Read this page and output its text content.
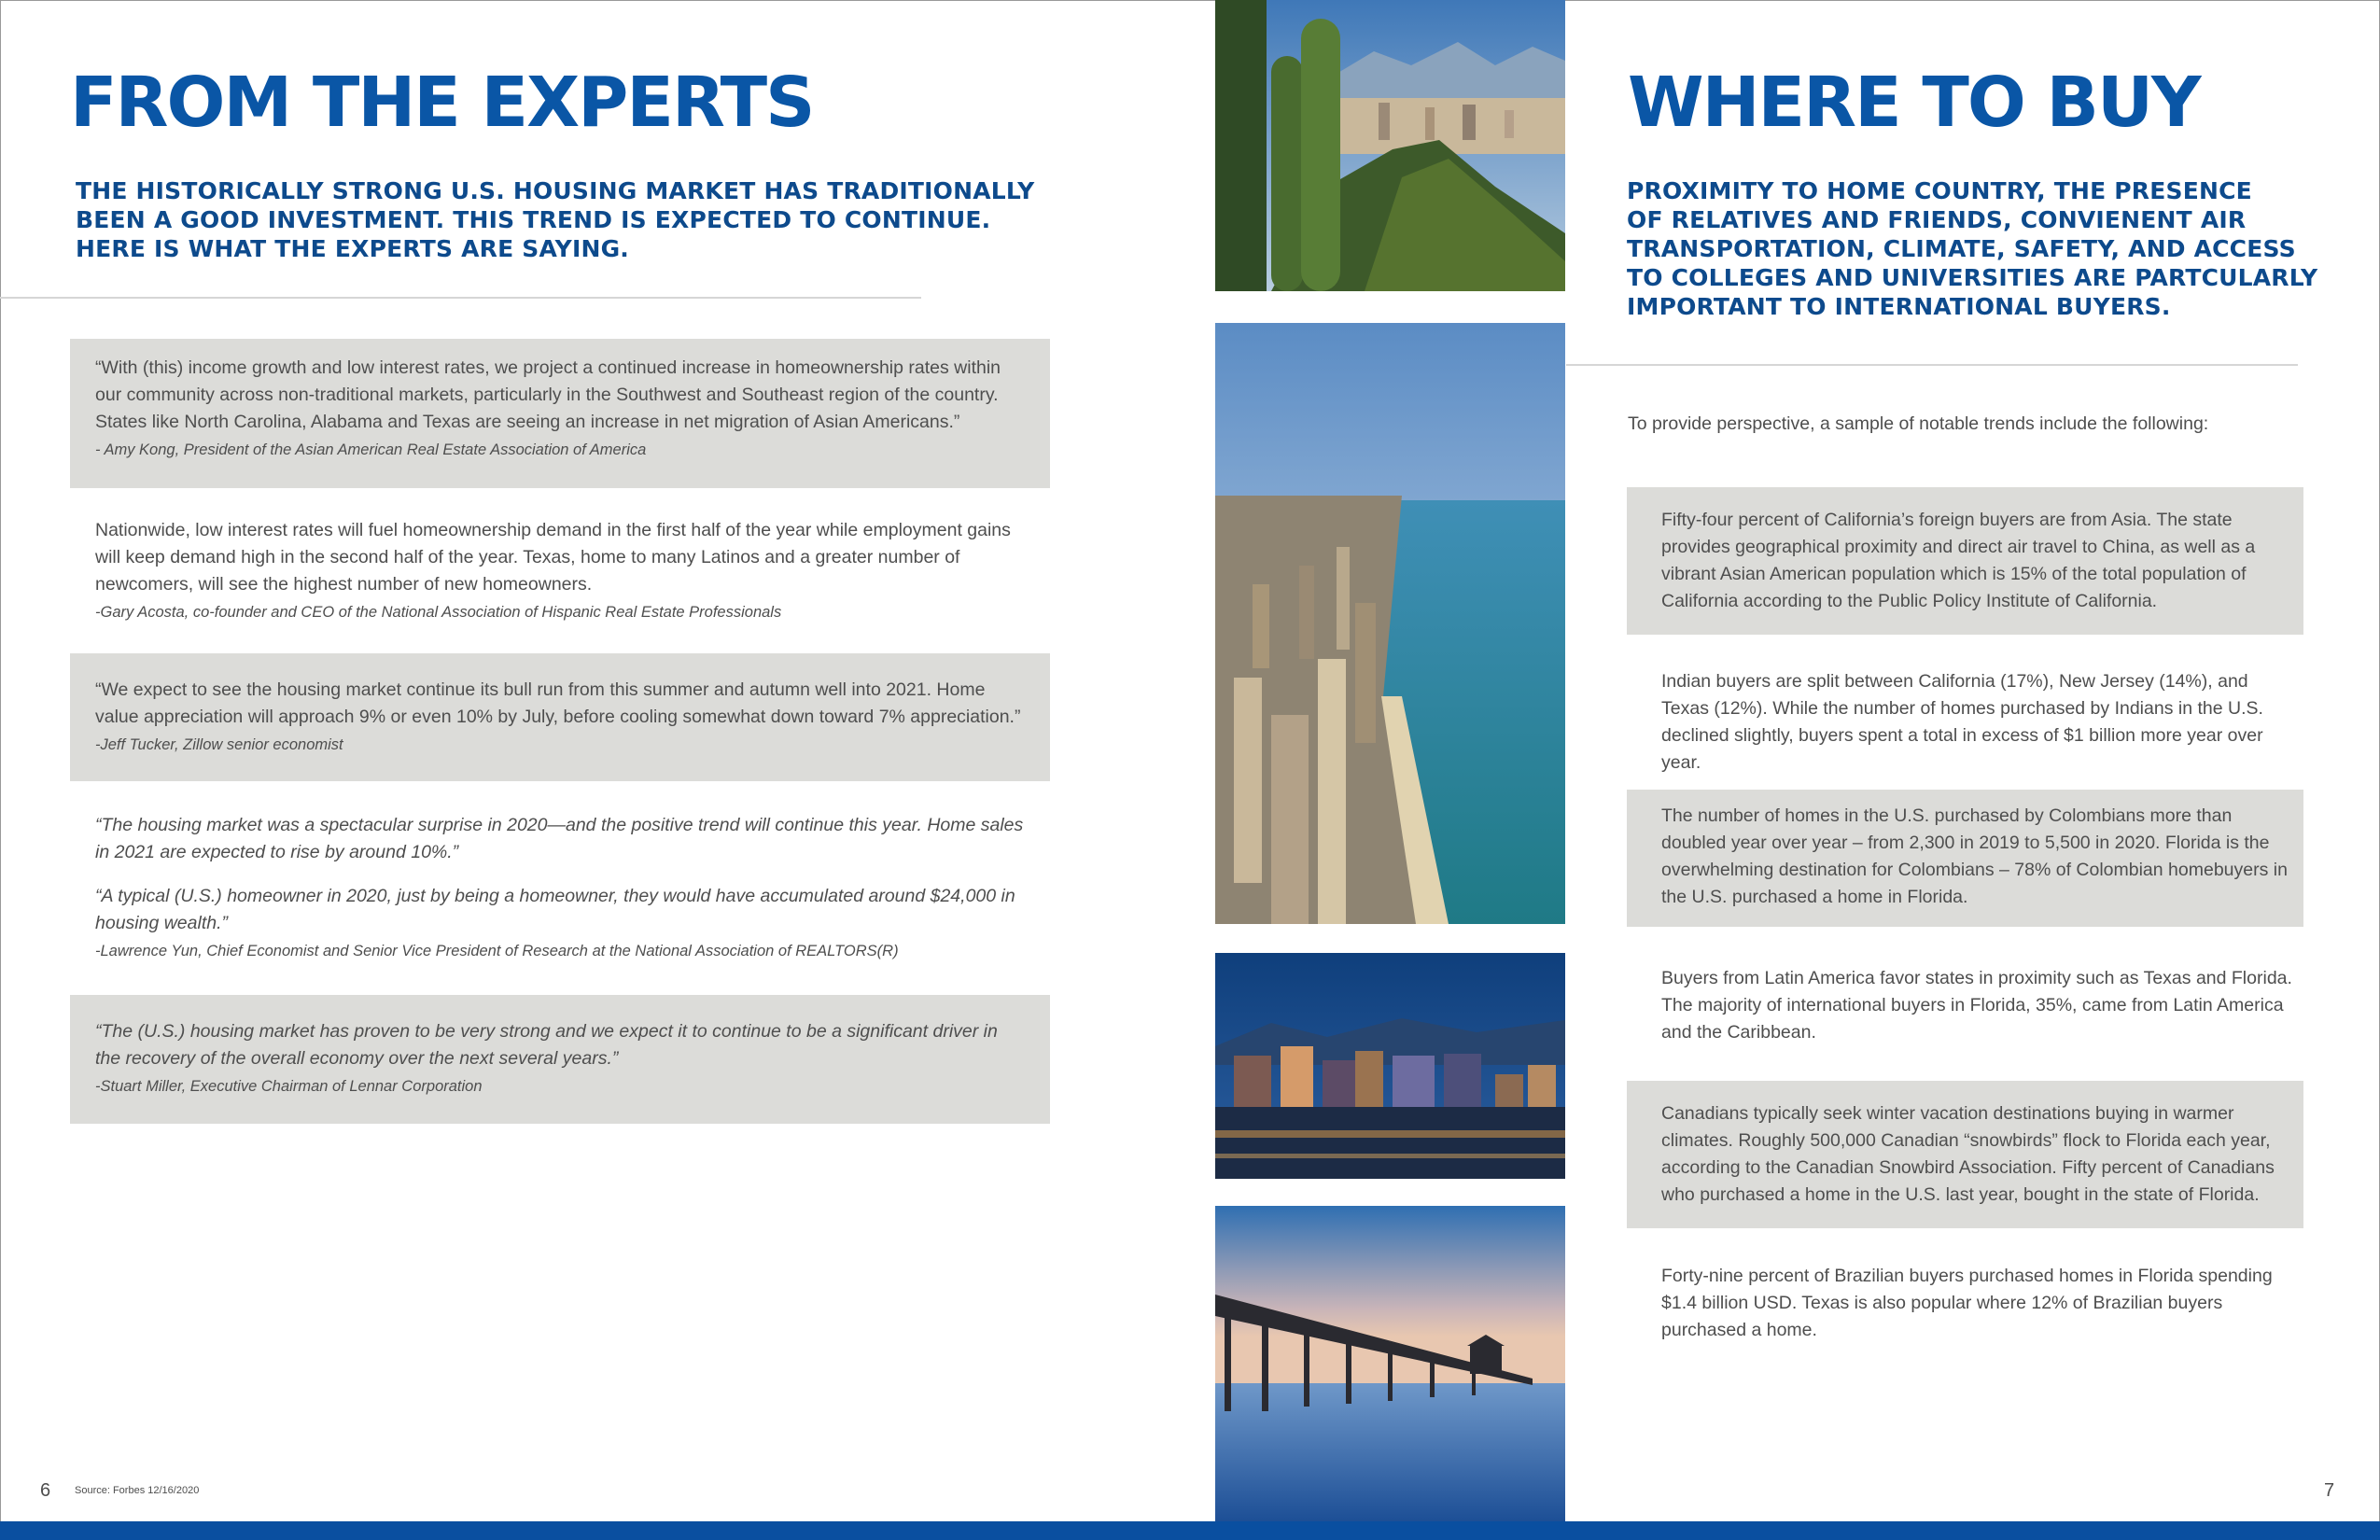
FROM THE EXPERTS
THE HISTORICALLY STRONG U.S. HOUSING MARKET HAS TRADITIONALLY
BEEN A GOOD INVESTMENT. THIS TREND IS EXPECTED TO CONTINUE.
HERE IS WHAT THE EXPERTS ARE SAYING.

“With (this) income growth and low interest rates, we project a continued increase in homeownership rates within our community across non-traditional markets, particularly in the Southwest and Southeast region of the country. States like North Carolina, Alabama and Texas are seeing an increase in net migration of Asian Americans.”

- Amy Kong, President of the Asian American Real Estate Association of America

Nationwide, low interest rates will fuel homeownership demand in the first half of the year while employment gains will keep demand high in the second half of the year. Texas, home to many Latinos and a greater number of newcomers, will see the highest number of new homeowners.

-Gary Acosta, co-founder and CEO of the National Association of Hispanic Real Estate Professionals

“We expect to see the housing market continue its bull run from this summer and autumn well into 2021. Home value appreciation will approach 9% or even 10% by July, before cooling somewhat down toward 7% appreciation.”

-Jeff Tucker, Zillow senior economist

“The housing market was a spectacular surprise in 2020—and the positive trend will continue this year. Home sales in 2021 are expected to rise by around 10%.”

“A typical (U.S.) homeowner in 2020, just by being a homeowner, they would have accumulated around $24,000 in housing wealth.”

-Lawrence Yun, Chief Economist and Senior Vice President of Research at the National Association of REALTORS(R)

“The (U.S.) housing market has proven to be very strong and we expect it to continue to be a significant driver in the recovery of the overall economy over the next several years.”

-Stuart Miller, Executive Chairman of Lennar Corporation
WHERE TO BUY
PROXIMITY TO HOME COUNTRY, THE PRESENCE
OF RELATIVES AND FRIENDS, CONVIENENT AIR
TRANSPORTATION, CLIMATE, SAFETY, AND ACCESS
TO COLLEGES AND UNIVERSITIES ARE PARTCULARLY
IMPORTANT TO INTERNATIONAL BUYERS.

To provide perspective, a sample of notable trends include the following:

Fifty-four percent of California’s foreign buyers are from Asia. The state provides geographical proximity and direct air travel to China, as well as a vibrant Asian American population which is 15% of the total population of California according to the Public Policy Institute of California.

Indian buyers are split between California (17%), New Jersey (14%), and Texas (12%). While the number of homes purchased by Indians in the U.S. declined slightly, buyers spent a total in excess of $1 billion more year over year.

The number of homes in the U.S. purchased by Colombians more than doubled year over year – from 2,300 in 2019 to 5,500 in 2020. Florida is the overwhelming destination for Colombians – 78% of Colombian homebuyers in the U.S. purchased a home in Florida.

Buyers from Latin America favor states in proximity such as Texas and Florida. The majority of international buyers in Florida, 35%, came from Latin America and the Caribbean.

Canadians typically seek winter vacation destinations buying in warmer climates. Roughly 500,000 Canadian “snowbirds” flock to Florida each year, according to the Canadian Snowbird Association. Fifty percent of Canadians who purchased a home in the U.S. last year, bought in the state of Florida.

Forty-nine percent of Brazilian buyers purchased homes in Florida spending $1.4 billion USD. Texas is also popular where 12% of Brazilian buyers purchased a home.

6 Source: Forbes 12/16/2020	7
